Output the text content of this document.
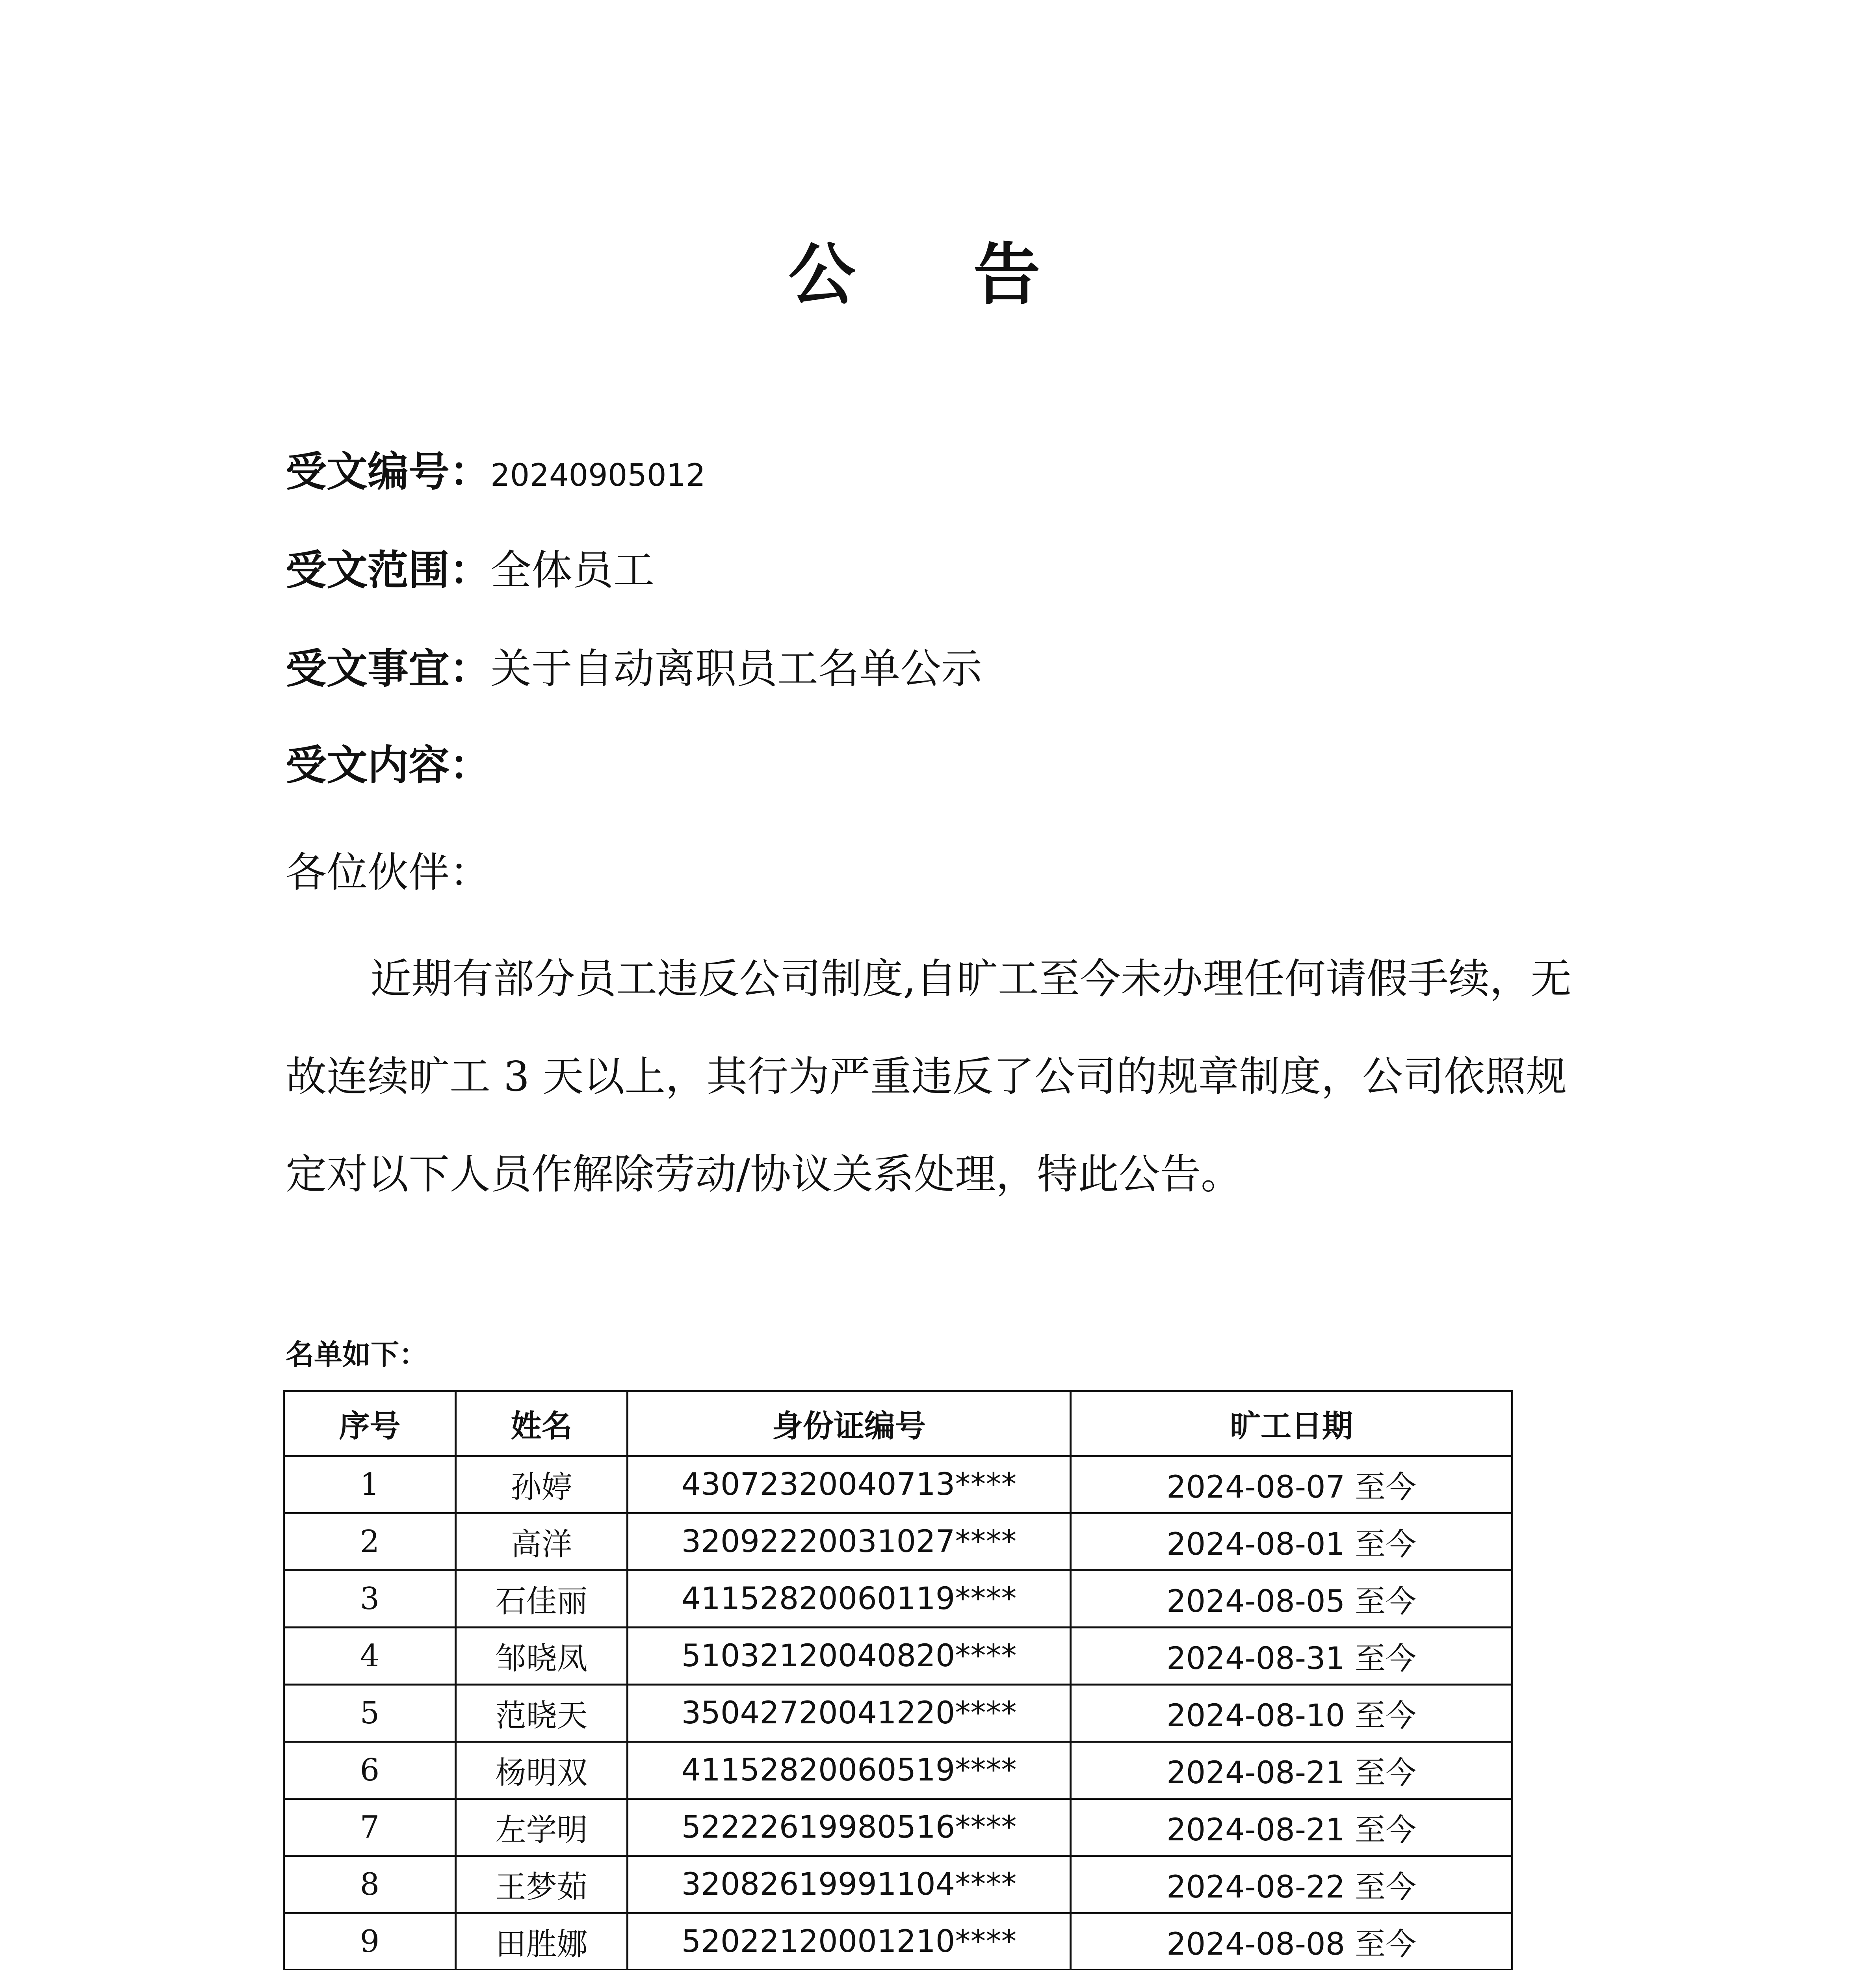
公 告
受文编号：20240905012
受文范围：全体员工
受文事宜：关于自动离职员工名单公示
受文内容：
各位伙伴：
近期有部分员工违反公司制度,自旷工至今未办理任何请假手续，无故连续旷工 3 天以上，其行为严重违反了公司的规章制度，公司依照规定对以下人员作解除劳动/协议关系处理，特此公告。
名单如下：
序号	姓名	身份证编号	旷工日期
1	孙婷	43072320040713****	2024-08-07 至今
2	高洋	32092220031027****	2024-08-01 至今
3	石佳丽	41152820060119****	2024-08-05 至今
4	邹晓凤	51032120040820****	2024-08-31 至今
5	范晓天	35042720041220****	2024-08-10 至今
6	杨明双	41152820060519****	2024-08-21 至今
7	左学明	52222619980516****	2024-08-21 至今
8	王梦茹	32082619991104****	2024-08-22 至今
9	田胜娜	52022120001210****	2024-08-08 至今
